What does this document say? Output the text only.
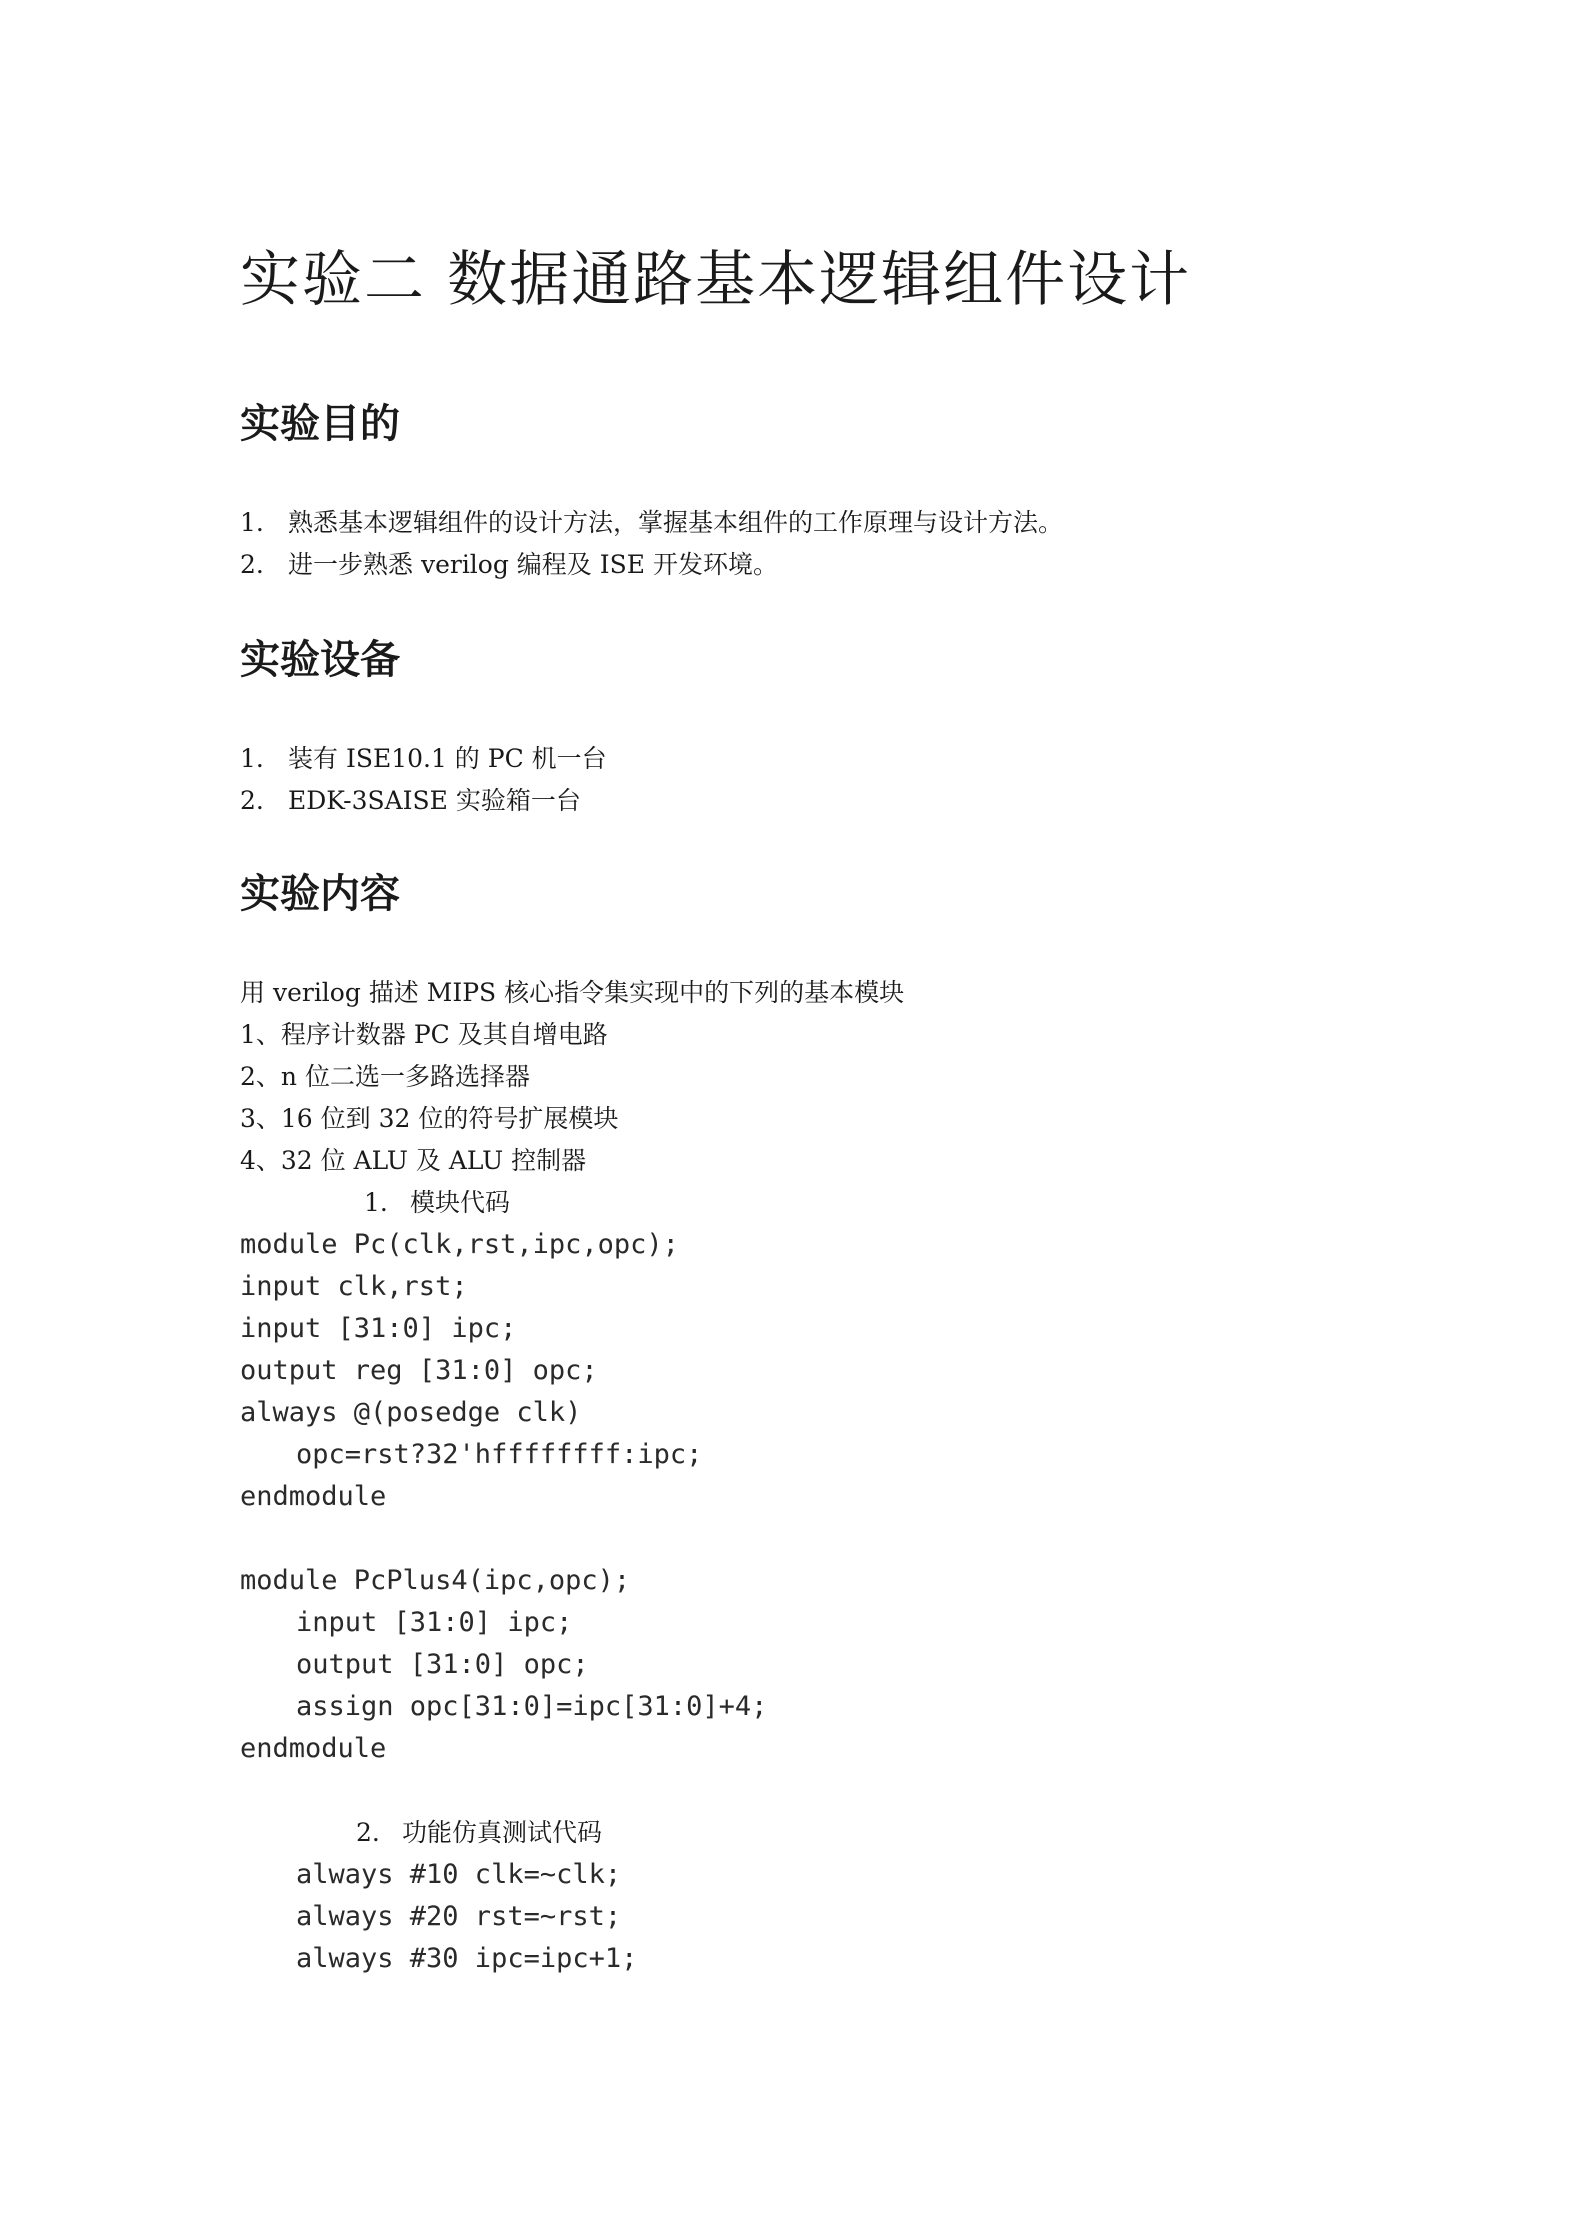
实验二 数据通路基本逻辑组件设计
实验目的
1. 熟悉基本逻辑组件的设计方法，掌握基本组件的工作原理与设计方法。
2. 进一步熟悉 verilog 编程及 ISE 开发环境。
实验设备
1. 装有 ISE10.1 的 PC 机一台
2. EDK-3SAISE 实验箱一台
实验内容
用 verilog 描述 MIPS 核心指令集实现中的下列的基本模块
1、程序计数器 PC 及其自增电路
2、n 位二选一多路选择器
3、16 位到 32 位的符号扩展模块
4、32 位 ALU 及 ALU 控制器
1. 模块代码
module Pc(clk,rst,ipc,opc);
input clk,rst;
input [31:0] ipc;
output reg [31:0] opc;
always @(posedge clk)
opc=rst?32'hffffffff:ipc;
endmodule
module PcPlus4(ipc,opc);
input [31:0] ipc;
output [31:0] opc;
assign opc[31:0]=ipc[31:0]+4;
endmodule
2. 功能仿真测试代码
always #10 clk=~clk;
always #20 rst=~rst;
always #30 ipc=ipc+1;
